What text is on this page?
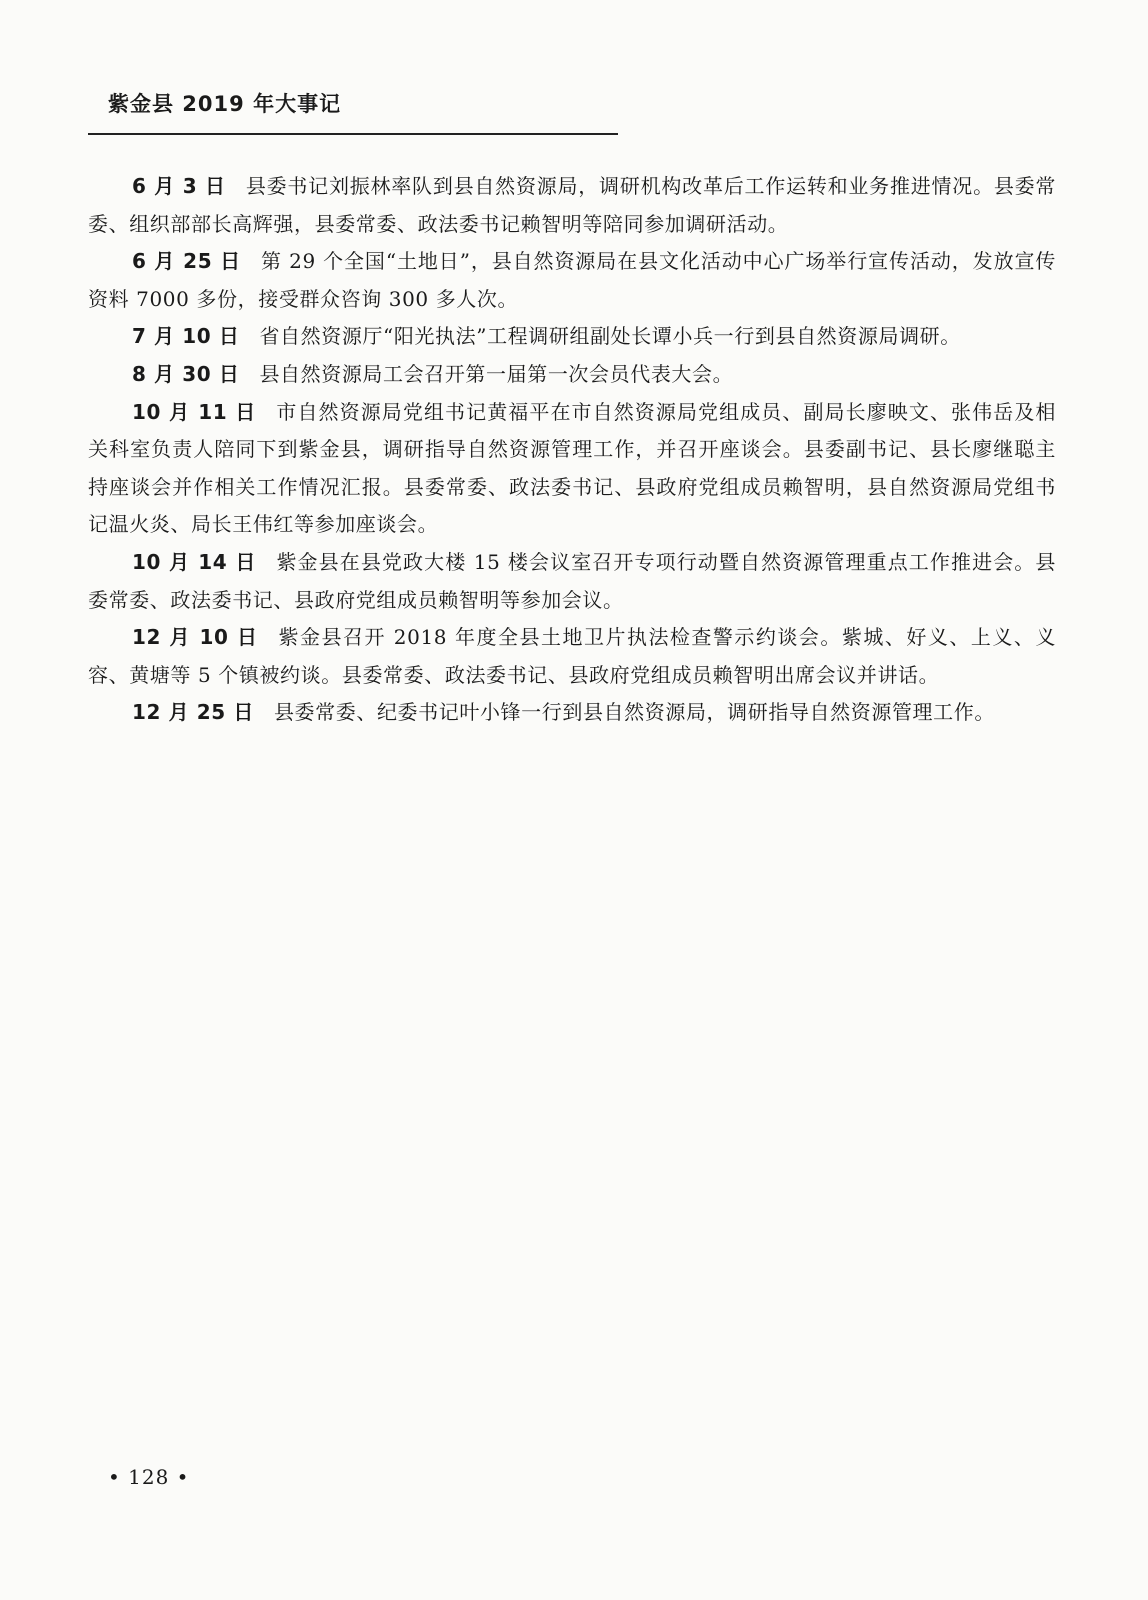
紫金县 2019 年大事记

6 月 3 日 县委书记刘振林率队到县自然资源局，调研机构改革后工作运转和业务推进情况。县委常委、组织部部长高辉强，县委常委、政法委书记赖智明等陪同参加调研活动。

6 月 25 日 第 29 个全国“土地日”，县自然资源局在县文化活动中心广场举行宣传活动，发放宣传资料 7000 多份，接受群众咨询 300 多人次。

7 月 10 日 省自然资源厅“阳光执法”工程调研组副处长谭小兵一行到县自然资源局调研。

8 月 30 日 县自然资源局工会召开第一届第一次会员代表大会。

10 月 11 日 市自然资源局党组书记黄福平在市自然资源局党组成员、副局长廖映文、张伟岳及相关科室负责人陪同下到紫金县，调研指导自然资源管理工作，并召开座谈会。县委副书记、县长廖继聪主持座谈会并作相关工作情况汇报。县委常委、政法委书记、县政府党组成员赖智明，县自然资源局党组书记温火炎、局长王伟红等参加座谈会。

10 月 14 日 紫金县在县党政大楼 15 楼会议室召开专项行动暨自然资源管理重点工作推进会。县委常委、政法委书记、县政府党组成员赖智明等参加会议。

12 月 10 日 紫金县召开 2018 年度全县土地卫片执法检查警示约谈会。紫城、好义、上义、义容、黄塘等 5 个镇被约谈。县委常委、政法委书记、县政府党组成员赖智明出席会议并讲话。

12 月 25 日 县委常委、纪委书记叶小锋一行到县自然资源局，调研指导自然资源管理工作。

• 128 •
